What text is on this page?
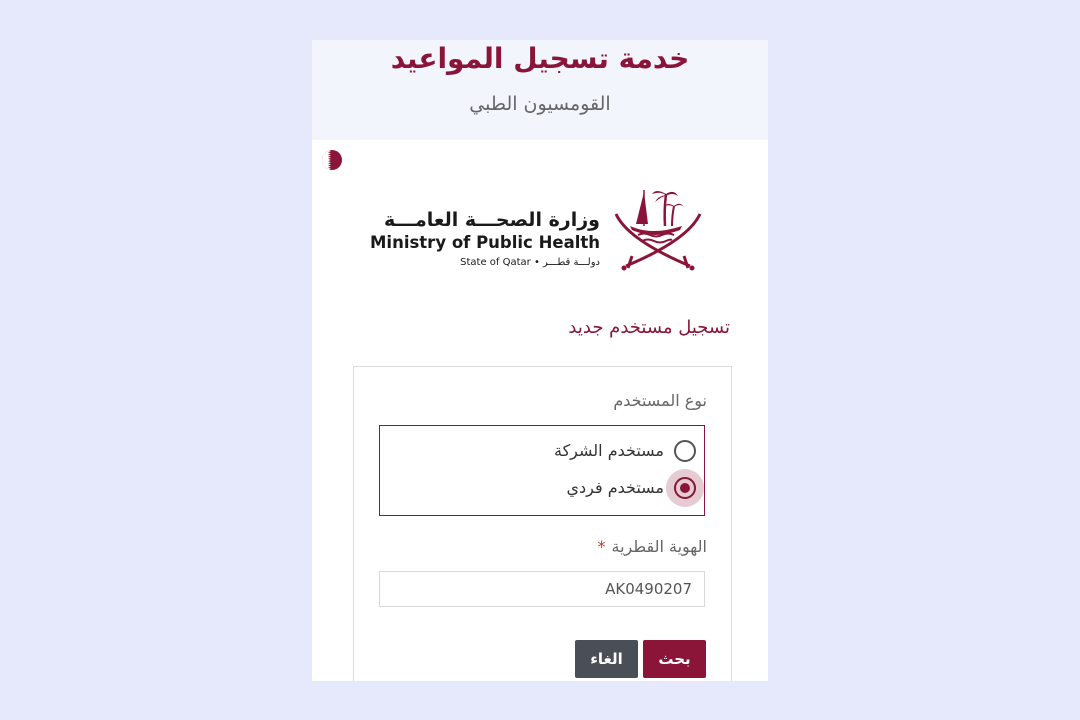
خدمة تسجيل المواعيد
القومسيون الطبي
وزارة الصحـــة العامـــة
Ministry of Public Health
State of Qatar • دولـــة قطـــر
تسجيل مستخدم جديد
نوع المستخدم
مستخدم الشركة
مستخدم فردي
الهوية القطرية*
AK0490207
بحث
الغاء
